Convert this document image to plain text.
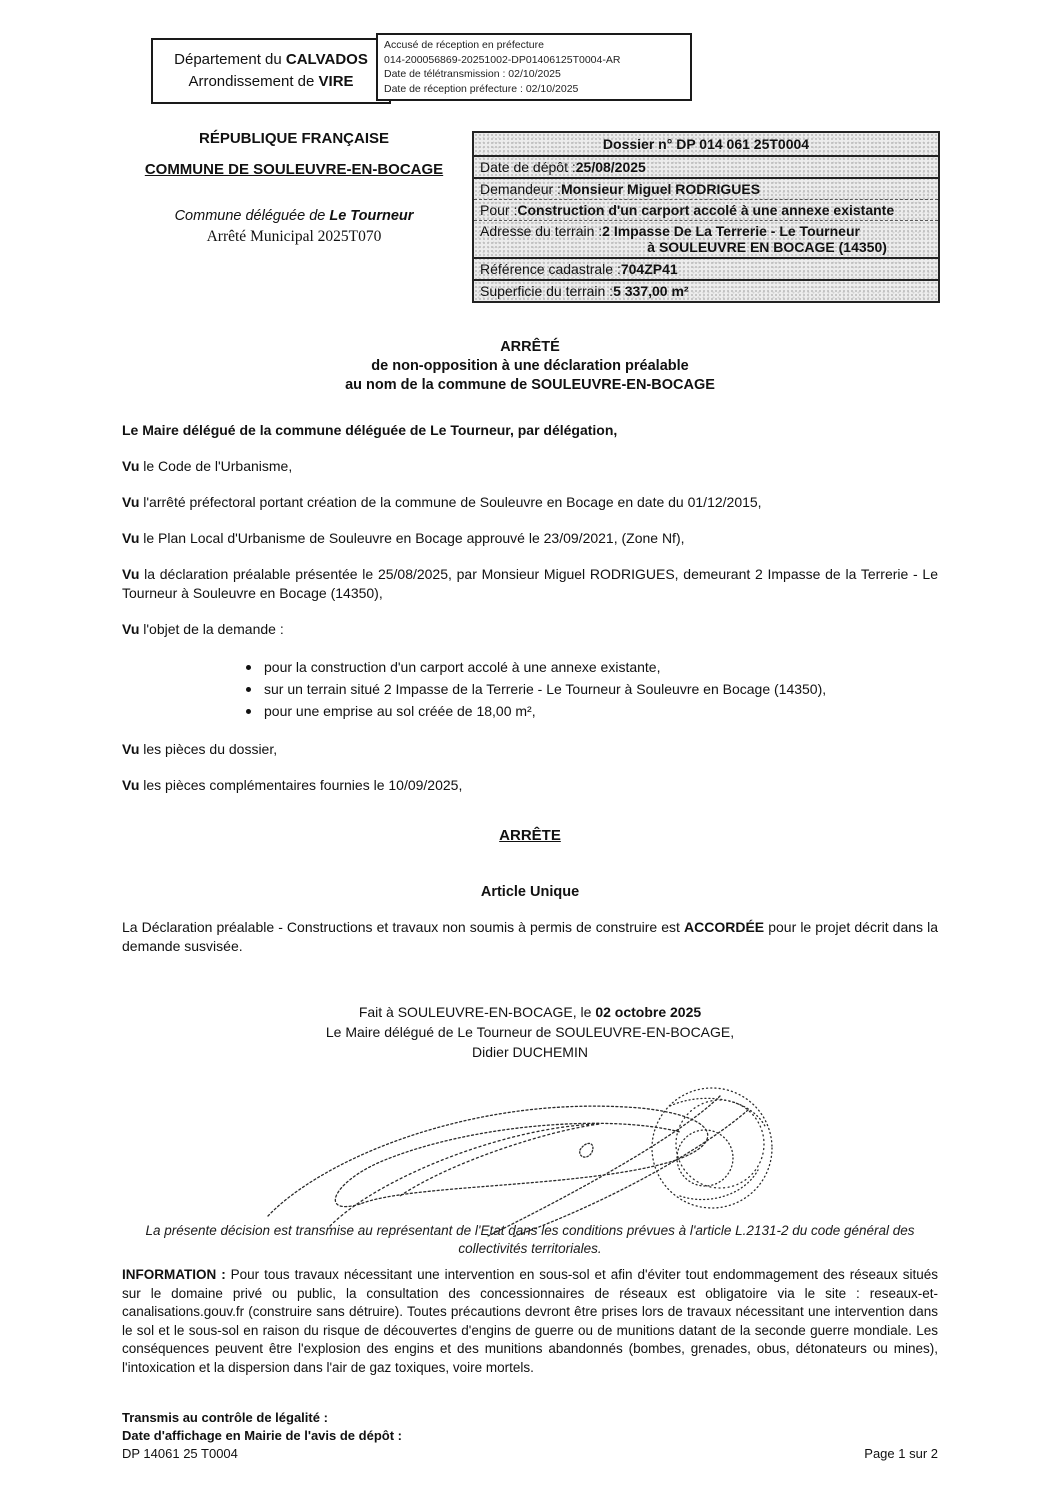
Département du CALVADOS
Arrondissement de VIRE
Accusé de réception en préfecture
014-200056869-20251002-DP01406125T0004-AR
Date de télétransmission : 02/10/2025
Date de réception préfecture : 02/10/2025

RÉPUBLIQUE FRANÇAISE

COMMUNE DE SOULEUVRE-EN-BOCAGE

Commune déléguée de Le Tourneur

Arrêté Municipal 2025T070

Dossier n° DP 014 061 25T0004
Date de dépôt : 25/08/2025
Demandeur : Monsieur Miguel RODRIGUES
Pour : Construction d'un carport accolé à une annexe existante
Adresse du terrain : 2 Impasse De La Terrerie - Le Tourneur
à SOULEUVRE EN BOCAGE (14350)
Référence cadastrale : 704ZP41
Superficie du terrain : 5 337,00 m²
ARRÊTÉ
de non-opposition à une déclaration préalable
au nom de la commune de SOULEUVRE-EN-BOCAGE

Le Maire délégué de la commune déléguée de Le Tourneur, par délégation,

Vu le Code de l'Urbanisme,

Vu l'arrêté préfectoral portant création de la commune de Souleuvre en Bocage en date du 01/12/2015,

Vu le Plan Local d'Urbanisme de Souleuvre en Bocage approuvé le 23/09/2021, (Zone Nf),

Vu la déclaration préalable présentée le 25/08/2025, par Monsieur Miguel RODRIGUES, demeurant 2 Impasse de la Terrerie - Le Tourneur à Souleuvre en Bocage (14350),

Vu l'objet de la demande :

pour la construction d'un carport accolé à une annexe existante,
sur un terrain situé 2 Impasse de la Terrerie - Le Tourneur à Souleuvre en Bocage (14350),
pour une emprise au sol créée de 18,00 m²,

Vu les pièces du dossier,

Vu les pièces complémentaires fournies le 10/09/2025,

ARRÊTE

Article Unique

La Déclaration préalable - Constructions et travaux non soumis à permis de construire est ACCORDÉE pour le projet décrit dans la demande susvisée.

Fait à SOULEUVRE-EN-BOCAGE, le 02 octobre 2025
Le Maire délégué de Le Tourneur de SOULEUVRE-EN-BOCAGE,
Didier DUCHEMIN

La présente décision est transmise au représentant de l'Etat dans les conditions prévues à l'article L.2131-2 du code général des collectivités territoriales.

INFORMATION : Pour tous travaux nécessitant une intervention en sous-sol et afin d'éviter tout endommagement des réseaux situés sur le domaine privé ou public, la consultation des concessionnaires de réseaux est obligatoire via le site : reseaux-et-canalisations.gouv.fr (construire sans détruire). Toutes précautions devront être prises lors de travaux nécessitant une intervention dans le sol et le sous-sol en raison du risque de découvertes d'engins de guerre ou de munitions datant de la seconde guerre mondiale. Les conséquences peuvent être l'explosion des engins et des munitions abandonnés (bombes, grenades, obus, détonateurs ou mines), l'intoxication et la dispersion dans l'air de gaz toxiques, voire mortels.

Transmis au contrôle de légalité :
Date d'affichage en Mairie de l'avis de dépôt :
DP 14061 25 T0004	Page 1 sur 2
